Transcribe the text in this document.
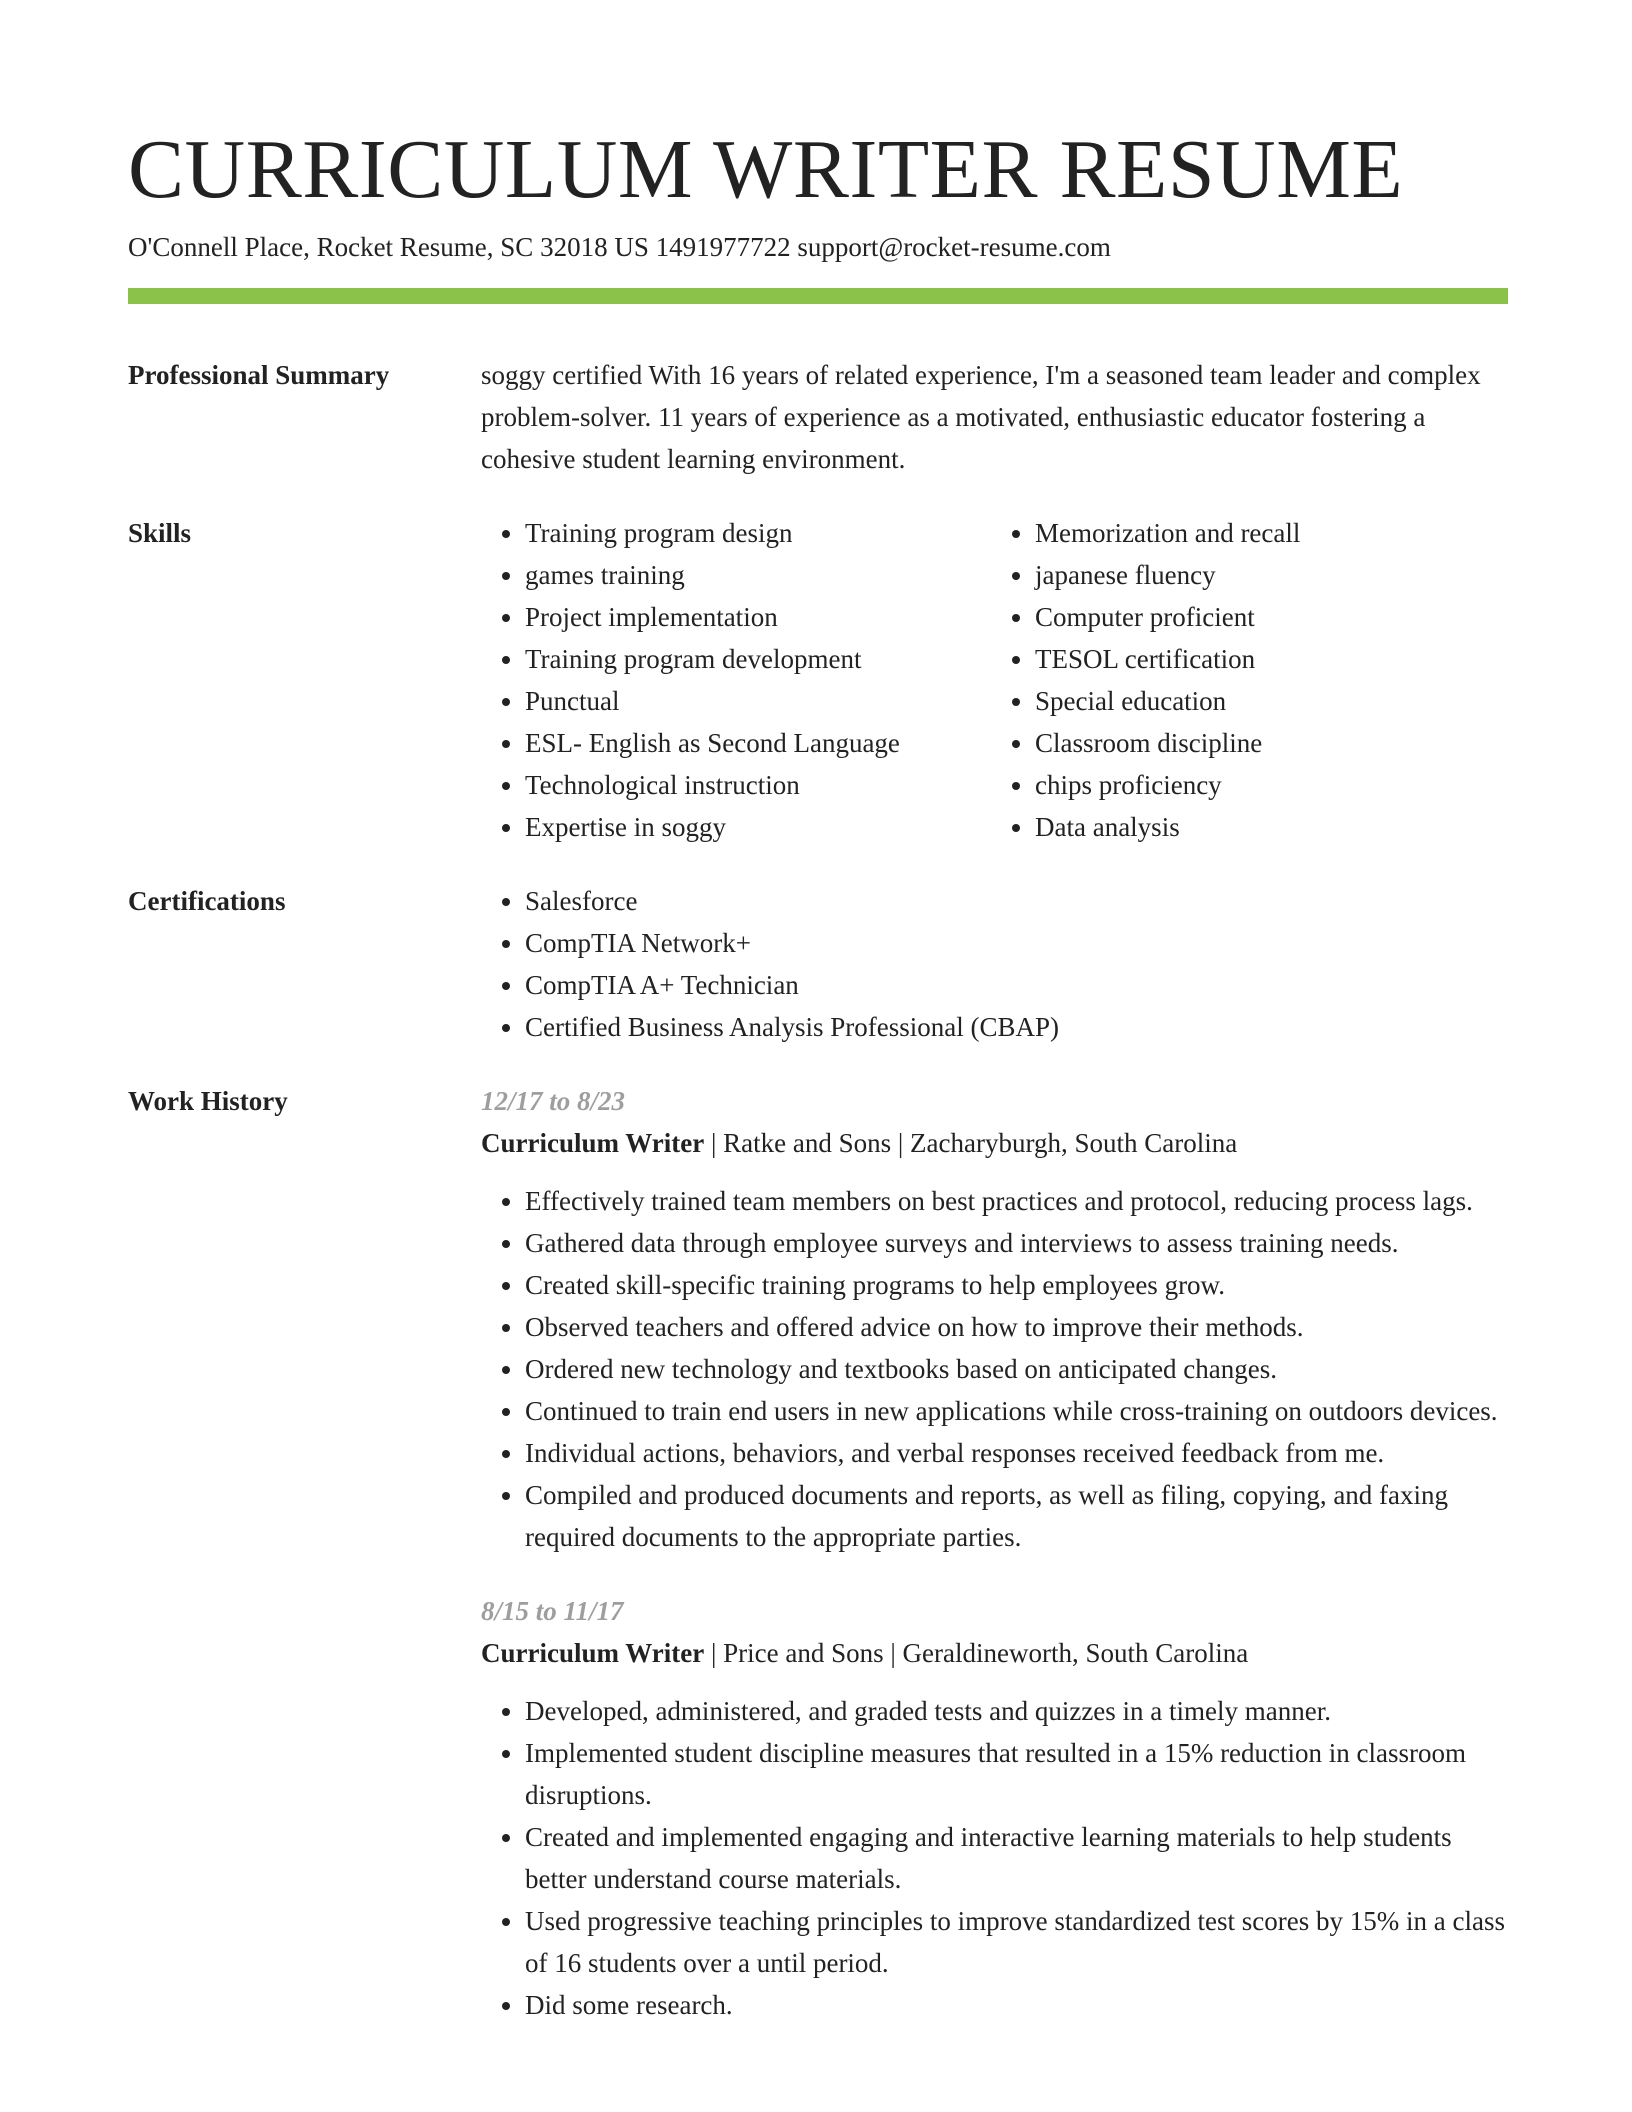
CURRICULUM WRITER RESUME
O'Connell Place, Rocket Resume, SC 32018 US 1491977722 support@rocket-resume.com
Professional Summary	soggy certified With 16 years of related experience, I'm a seasoned team leader and complex problem-solver. 11 years of experience as a motivated, enthusiastic educator fostering a cohesive student learning environment.
Skills	• Training program design
• games training
• Project implementation
• Training program development
• Punctual
• ESL- English as Second Language
• Technological instruction
• Expertise in soggy
• Memorization and recall
• japanese fluency
• Computer proficient
• TESOL certification
• Special education
• Classroom discipline
• chips proficiency
• Data analysis
Certifications	• Salesforce
• CompTIA Network+
• CompTIA A+ Technician
• Certified Business Analysis Professional (CBAP)
Work History	12/17 to 8/23
Curriculum Writer | Ratke and Sons | Zacharyburgh, South Carolina
• Effectively trained team members on best practices and protocol, reducing process lags.
• Gathered data through employee surveys and interviews to assess training needs.
• Created skill-specific training programs to help employees grow.
• Observed teachers and offered advice on how to improve their methods.
• Ordered new technology and textbooks based on anticipated changes.
• Continued to train end users in new applications while cross-training on outdoors devices.
• Individual actions, behaviors, and verbal responses received feedback from me.
• Compiled and produced documents and reports, as well as filing, copying, and faxing required documents to the appropriate parties.
8/15 to 11/17
Curriculum Writer | Price and Sons | Geraldineworth, South Carolina
• Developed, administered, and graded tests and quizzes in a timely manner.
• Implemented student discipline measures that resulted in a 15% reduction in classroom disruptions.
• Created and implemented engaging and interactive learning materials to help students better understand course materials.
• Used progressive teaching principles to improve standardized test scores by 15% in a class of 16 students over a until period.
• Did some research.
